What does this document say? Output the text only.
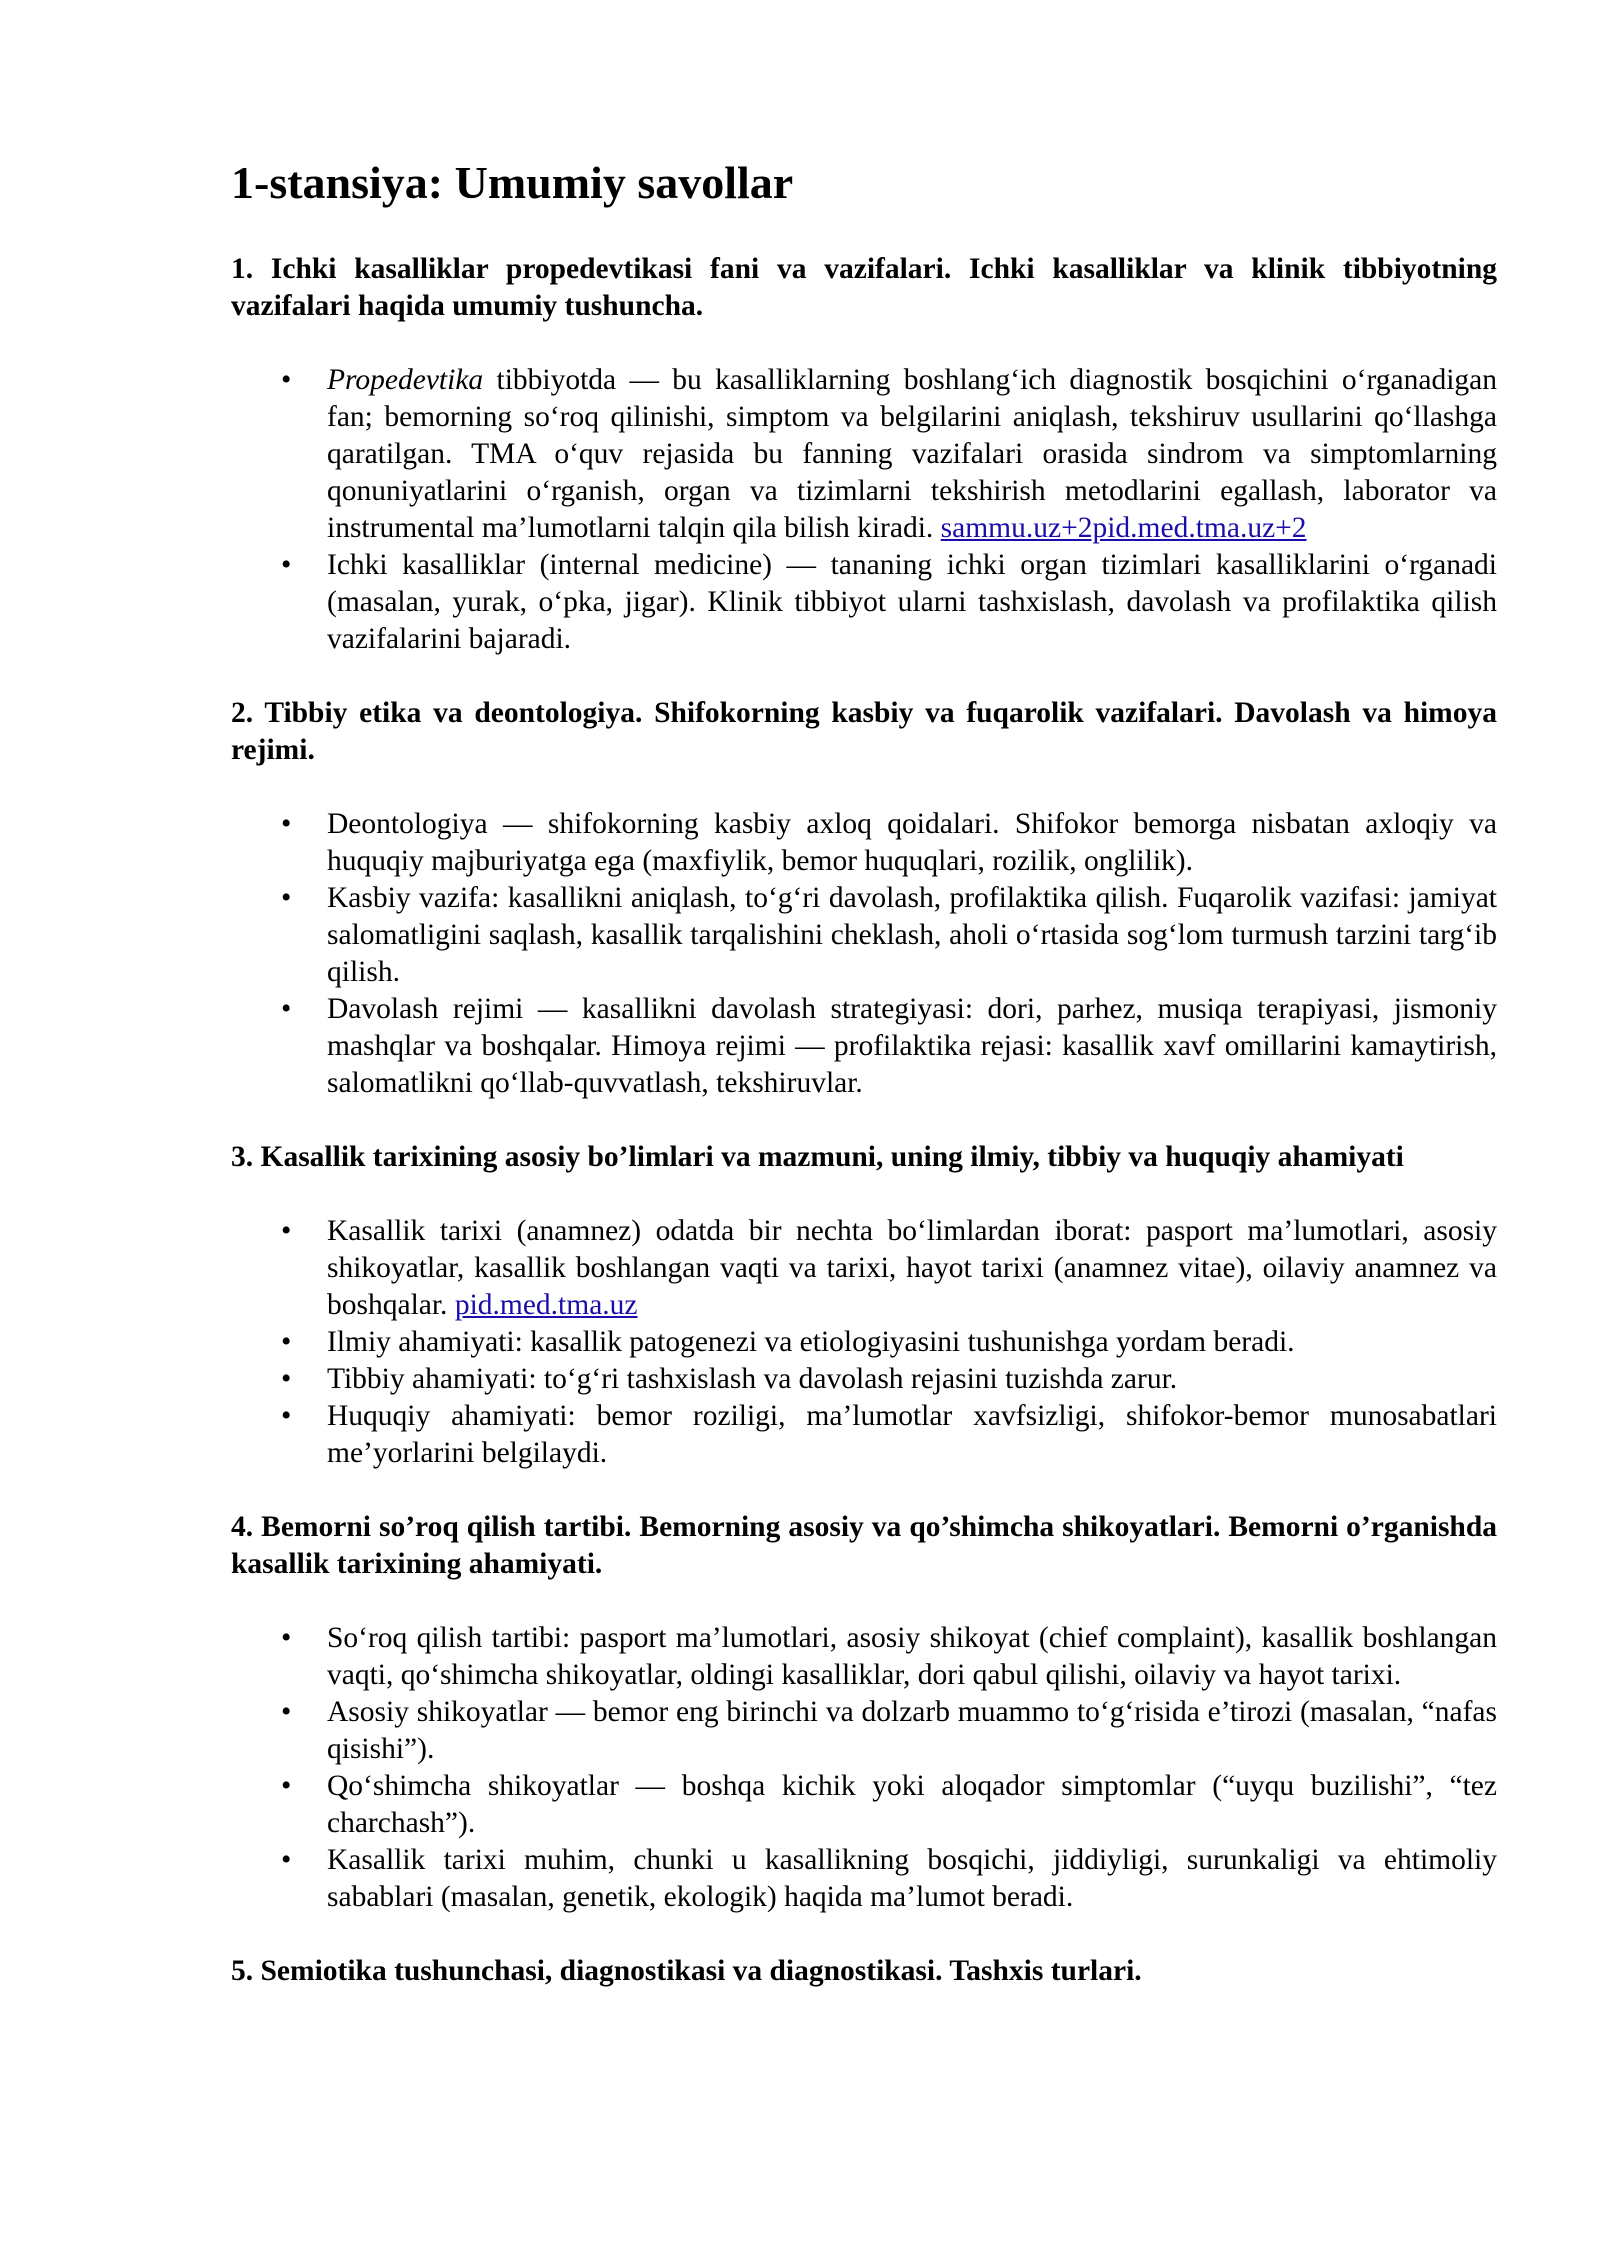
1-stansiya: Umumiy savollar

1. Ichki kasalliklar propedevtikasi fani va vazifalari. Ichki kasalliklar va klinik tibbiyotning vazifalari haqida umumiy tushuncha.

• Propedevtika tibbiyotda — bu kasalliklarning boshlang‘ich diagnostik bosqichini o‘rganadigan fan; bemorning so‘roq qilinishi, simptom va belgilarini aniqlash, tekshiruv usullarini qo‘llashga qaratilgan. TMA o‘quv rejasida bu fanning vazifalari orasida sindrom va simptomlarning qonuniyatlarini o‘rganish, organ va tizimlarni tekshirish metodlarini egallash, laborator va instrumental ma’lumotlarni talqin qila bilish kiradi. sammu.uz+2pid.med.tma.uz+2
• Ichki kasalliklar (internal medicine) — tananing ichki organ tizimlari kasalliklarini o‘rganadi (masalan, yurak, o‘pka, jigar). Klinik tibbiyot ularni tashxislash, davolash va profilaktika qilish vazifalarini bajaradi.

2. Tibbiy etika va deontologiya. Shifokorning kasbiy va fuqarolik vazifalari. Davolash va himoya rejimi.

• Deontologiya — shifokorning kasbiy axloq qoidalari. Shifokor bemorga nisbatan axloqiy va huquqiy majburiyatga ega (maxfiylik, bemor huquqlari, rozilik, onglilik).
• Kasbiy vazifa: kasallikni aniqlash, to‘g‘ri davolash, profilaktika qilish. Fuqarolik vazifasi: jamiyat salomatligini saqlash, kasallik tarqalishini cheklash, aholi o‘rtasida sog‘lom turmush tarzini targ‘ib qilish.
• Davolash rejimi — kasallikni davolash strategiyasi: dori, parhez, musiqa terapiyasi, jismoniy mashqlar va boshqalar. Himoya rejimi — profilaktika rejasi: kasallik xavf omillarini kamaytirish, salomatlikni qo‘llab-quvvatlash, tekshiruvlar.

3. Kasallik tarixining asosiy bo’limlari va mazmuni, uning ilmiy, tibbiy va huquqiy ahamiyati

• Kasallik tarixi (anamnez) odatda bir nechta bo‘limlardan iborat: pasport ma’lumotlari, asosiy shikoyatlar, kasallik boshlangan vaqti va tarixi, hayot tarixi (anamnez vitae), oilaviy anamnez va boshqalar. pid.med.tma.uz
• Ilmiy ahamiyati: kasallik patogenezi va etiologiyasini tushunishga yordam beradi.
• Tibbiy ahamiyati: to‘g‘ri tashxislash va davolash rejasini tuzishda zarur.
• Huquqiy ahamiyati: bemor roziligi, ma’lumotlar xavfsizligi, shifokor-bemor munosabatlari me’yorlarini belgilaydi.

4. Bemorni so’roq qilish tartibi. Bemorning asosiy va qo’shimcha shikoyatlari. Bemorni o’rganishda kasallik tarixining ahamiyati.

• So‘roq qilish tartibi: pasport ma’lumotlari, asosiy shikoyat (chief complaint), kasallik boshlangan vaqti, qo‘shimcha shikoyatlar, oldingi kasalliklar, dori qabul qilishi, oilaviy va hayot tarixi.
• Asosiy shikoyatlar — bemor eng birinchi va dolzarb muammo to‘g‘risida e’tirozi (masalan, “nafas qisishi”).
• Qo‘shimcha shikoyatlar — boshqa kichik yoki aloqador simptomlar (“uyqu buzilishi”, “tez charchash”).
• Kasallik tarixi muhim, chunki u kasallikning bosqichi, jiddiyligi, surunkaligi va ehtimoliy sabablari (masalan, genetik, ekologik) haqida ma’lumot beradi.

5. Semiotika tushunchasi, diagnostikasi va diagnostikasi. Tashxis turlari.
